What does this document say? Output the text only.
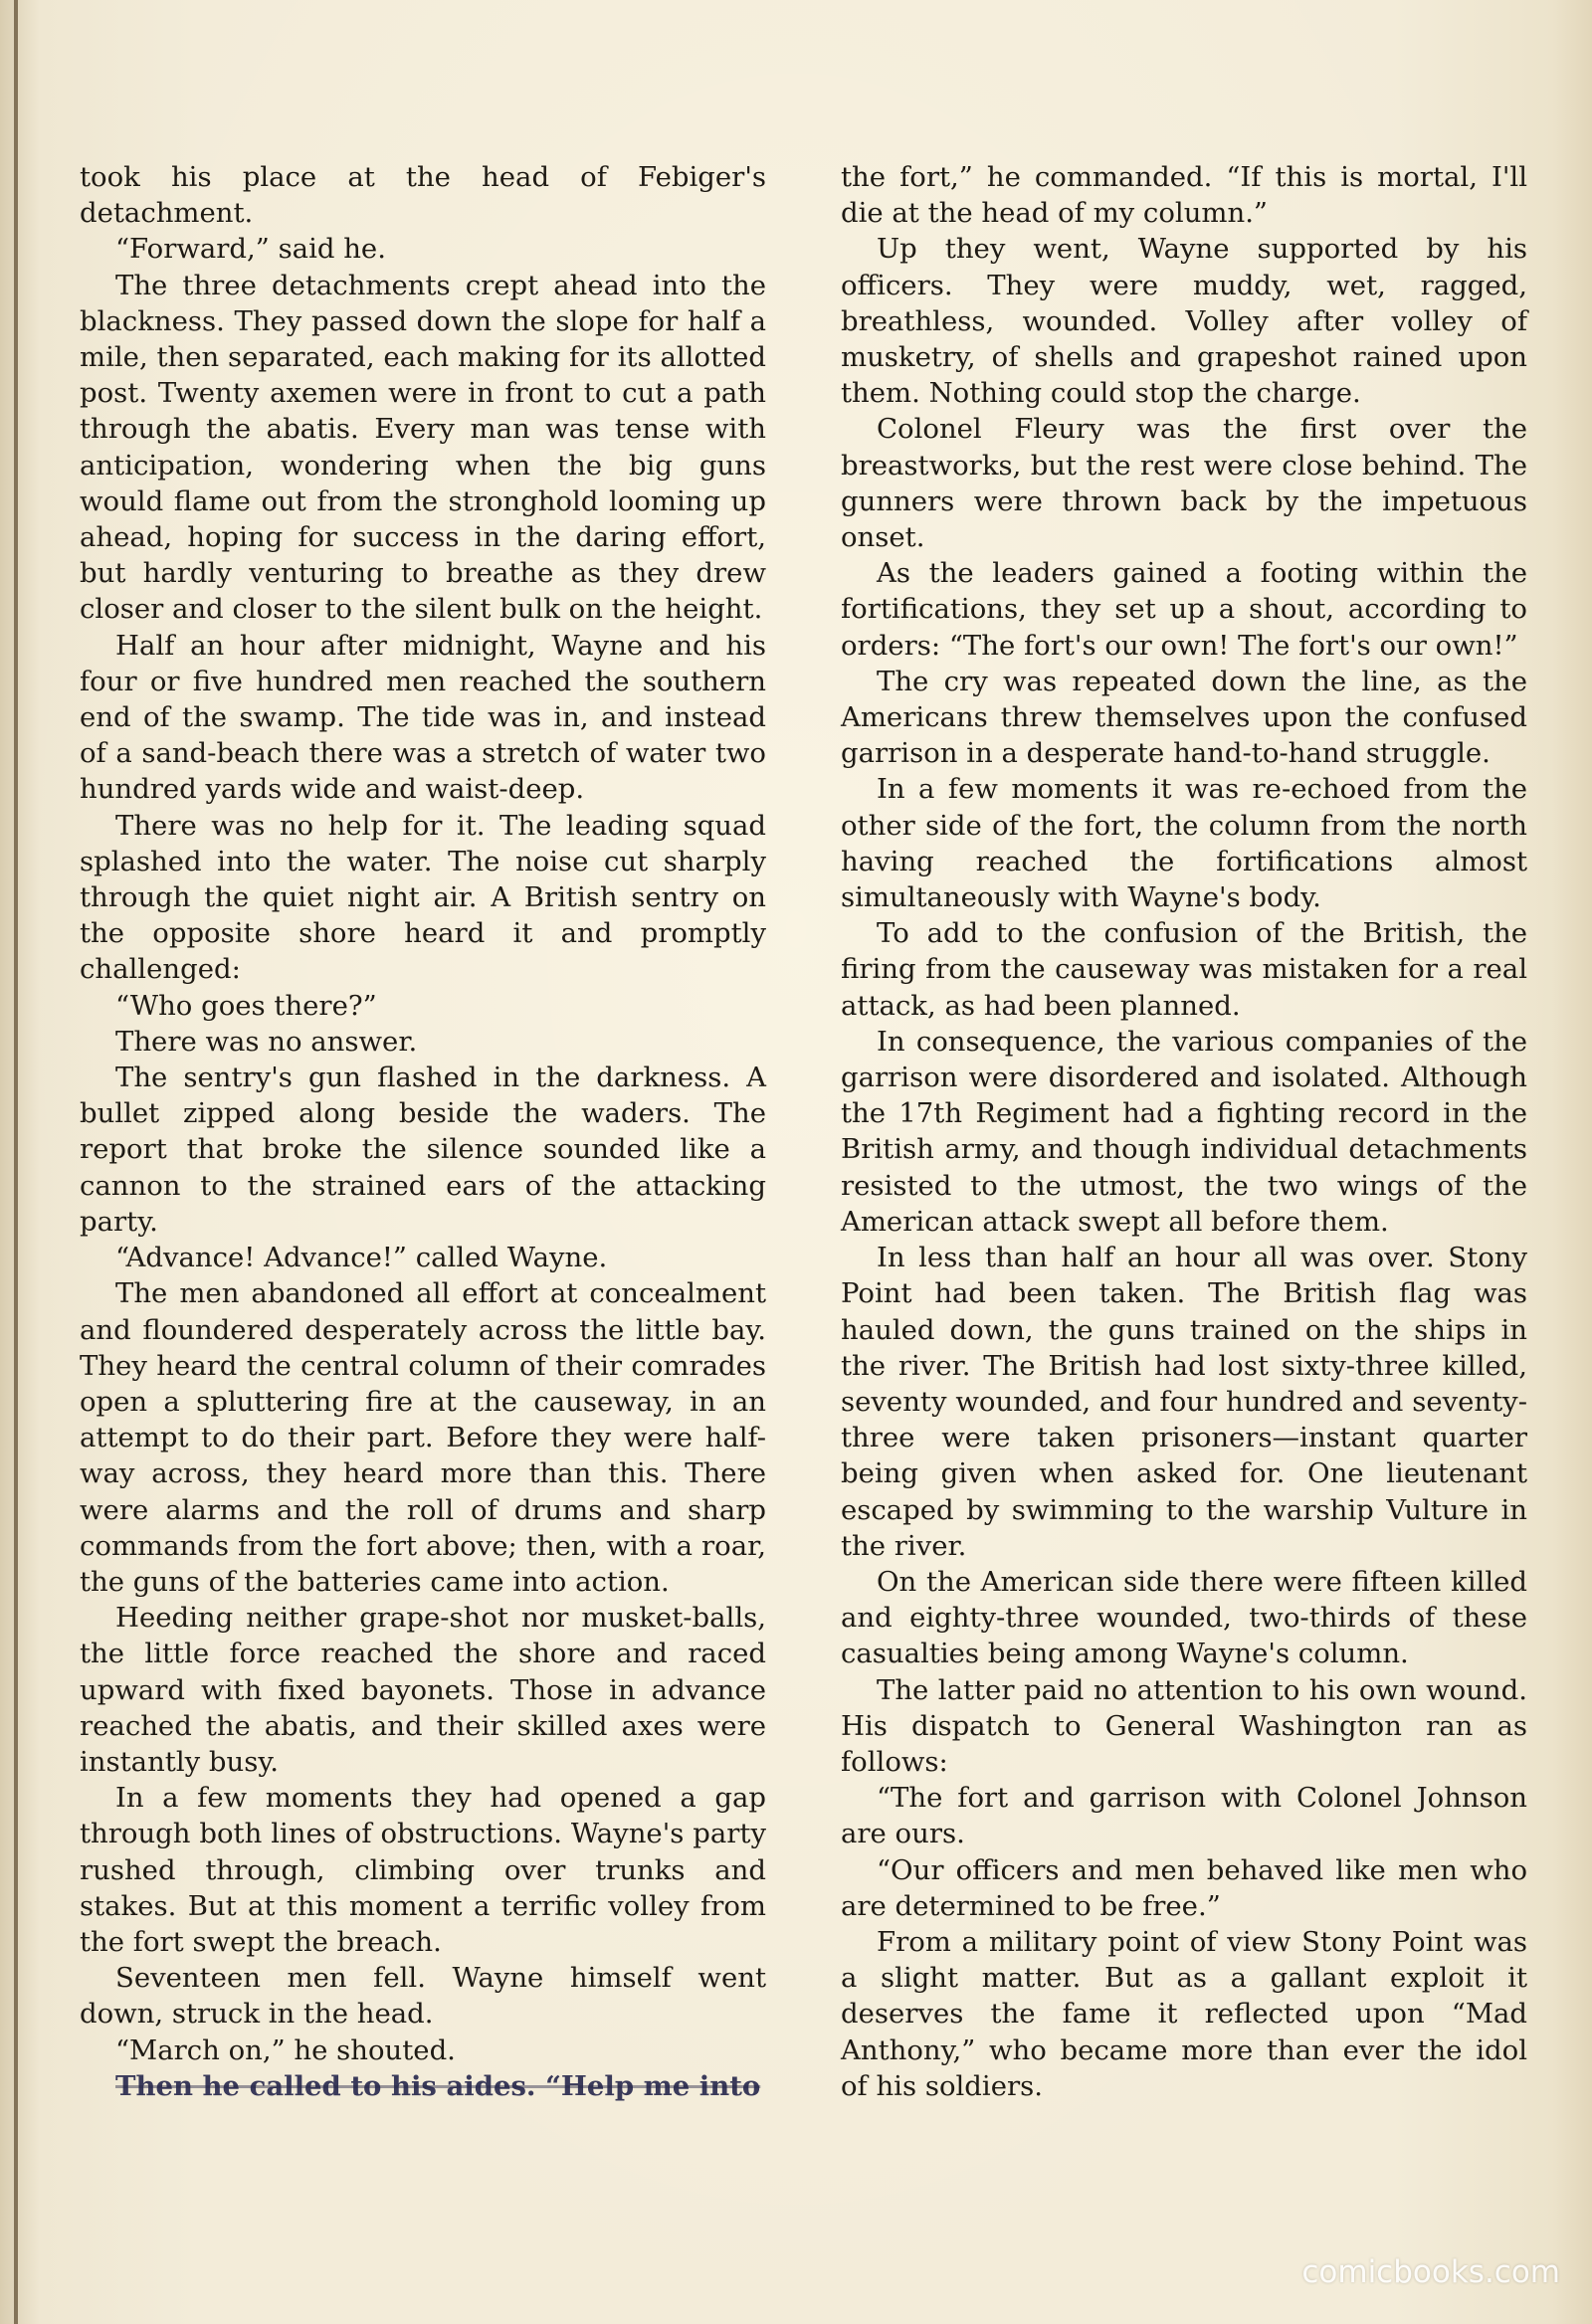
took his place at the head of Febiger's detachment.

“Forward,” said he.

The three detachments crept ahead into the blackness. They passed down the slope for half a mile, then separated, each making for its allotted post. Twenty axemen were in front to cut a path through the abatis. Every man was tense with anticipation, wondering when the big guns would flame out from the stronghold looming up ahead, hoping for success in the daring effort, but hardly venturing to breathe as they drew closer and closer to the silent bulk on the height.

Half an hour after midnight, Wayne and his four or five hundred men reached the southern end of the swamp. The tide was in, and instead of a sand-beach there was a stretch of water two hundred yards wide and waist-deep.

There was no help for it. The leading squad splashed into the water. The noise cut sharply through the quiet night air. A British sentry on the opposite shore heard it and promptly challenged:

“Who goes there?”

There was no answer.

The sentry's gun flashed in the darkness. A bullet zipped along beside the waders. The report that broke the silence sounded like a cannon to the strained ears of the attacking party.

“Advance! Advance!” called Wayne.

The men abandoned all effort at concealment and floundered desperately across the little bay. They heard the central column of their comrades open a spluttering fire at the causeway, in an attempt to do their part. Before they were half-way across, they heard more than this. There were alarms and the roll of drums and sharp commands from the fort above; then, with a roar, the guns of the batteries came into action.

Heeding neither grape-shot nor musket-balls, the little force reached the shore and raced upward with fixed bayonets. Those in advance reached the abatis, and their skilled axes were instantly busy.

In a few moments they had opened a gap through both lines of obstructions. Wayne's party rushed through, climbing over trunks and stakes. But at this moment a terrific volley from the fort swept the breach.

Seventeen men fell. Wayne himself went down, struck in the head.

“March on,” he shouted.

Then he called to his aides. “Help me into

the fort,” he commanded. “If this is mortal, I'll die at the head of my column.”

Up they went, Wayne supported by his officers. They were muddy, wet, ragged, breathless, wounded. Volley after volley of musketry, of shells and grapeshot rained upon them. Nothing could stop the charge.

Colonel Fleury was the first over the breastworks, but the rest were close behind. The gunners were thrown back by the impetuous onset.

As the leaders gained a footing within the fortifications, they set up a shout, according to orders: “The fort's our own! The fort's our own!”

The cry was repeated down the line, as the Americans threw themselves upon the confused garrison in a desperate hand-to-hand struggle.

In a few moments it was re-echoed from the other side of the fort, the column from the north having reached the fortifications almost simultaneously with Wayne's body.

To add to the confusion of the British, the firing from the causeway was mistaken for a real attack, as had been planned.

In consequence, the various companies of the garrison were disordered and isolated. Although the 17th Regiment had a fighting record in the British army, and though individual detachments resisted to the utmost, the two wings of the American attack swept all before them.

In less than half an hour all was over. Stony Point had been taken. The British flag was hauled down, the guns trained on the ships in the river. The British had lost sixty-three killed, seventy wounded, and four hundred and seventy-three were taken prisoners—instant quarter being given when asked for. One lieutenant escaped by swimming to the warship Vulture in the river.

On the American side there were fifteen killed and eighty-three wounded, two-thirds of these casualties being among Wayne's column.

The latter paid no attention to his own wound. His dispatch to General Washington ran as follows:

“The fort and garrison with Colonel Johnson are ours.

“Our officers and men behaved like men who are determined to be free.”

From a military point of view Stony Point was a slight matter. But as a gallant exploit it deserves the fame it reflected upon “Mad Anthony,” who became more than ever the idol of his soldiers.

comicbooks.com
